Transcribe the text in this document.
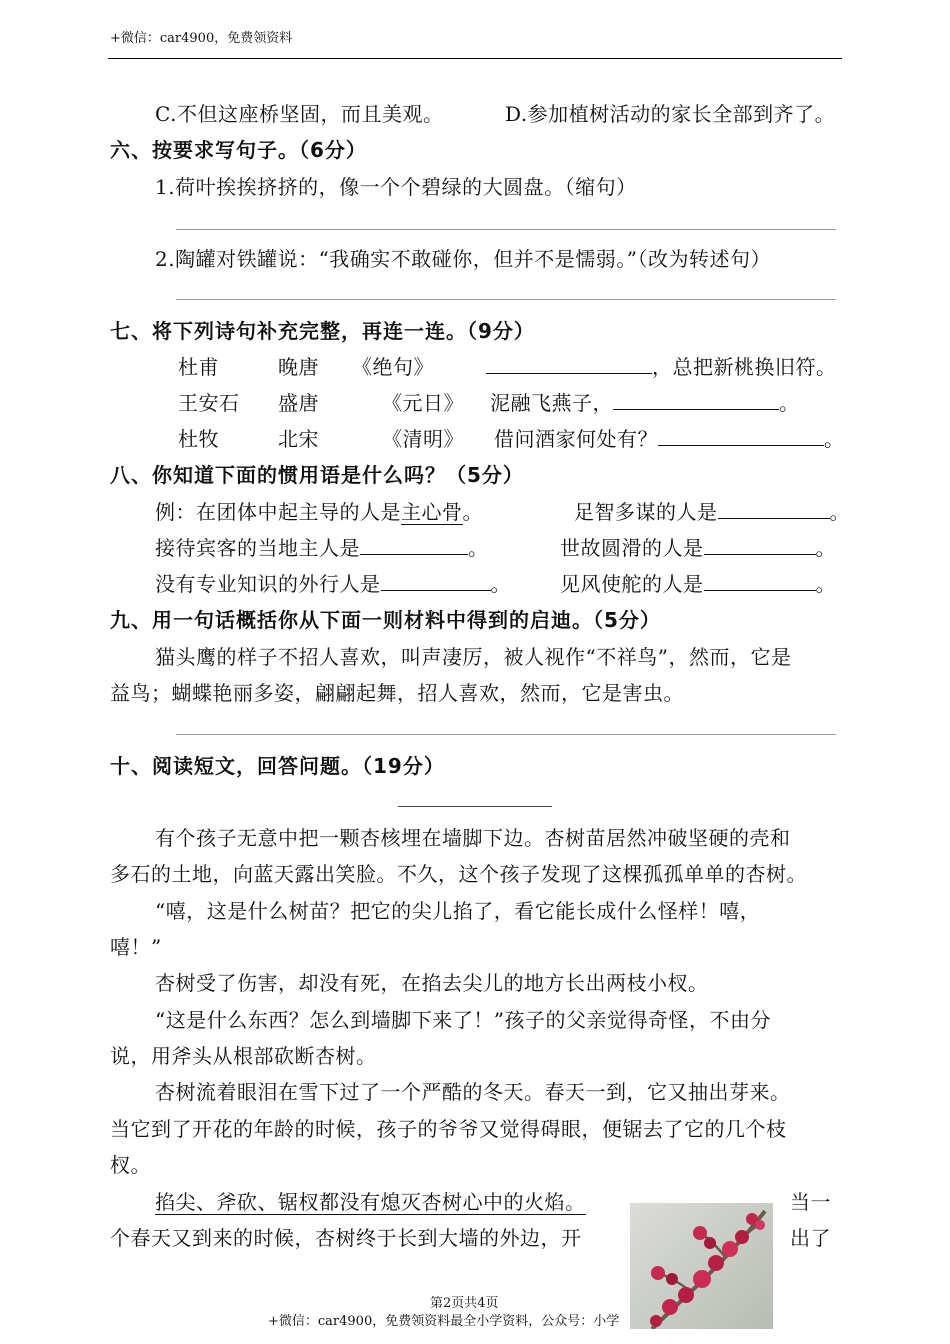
+微信：car4900，免费领资料
C.不但这座桥坚固，而且美观。	D.参加植树活动的家长全部到齐了。
六、按要求写句子。（6分）
1.荷叶挨挨挤挤的，像一个个碧绿的大圆盘。（缩句）
2.陶罐对铁罐说：“我确实不敢碰你，但并不是懦弱。”（改为转述句）
七、将下列诗句补充完整，再连一连。（9分）
杜甫	晚唐 《绝句》	，总把新桃换旧符。
王安石 盛唐	《元日》 泥融飞燕子，	。
杜牧	北宋	《清明》 借问酒家何处有？	。
八、你知道下面的惯用语是什么吗？（5分）
例：在团体中起主导的人是主心骨。	足智多谋的人是	。
接待宾客的当地主人是	。	世故圆滑的人是	。
没有专业知识的外行人是	。 见风使舵的人是	。
九、用一句话概括你从下面一则材料中得到的启迪。（5分）
猫头鹰的样子不招人喜欢，叫声凄厉，被人视作“不祥鸟”，然而，它是
益鸟；蝴蝶艳丽多姿，翩翩起舞，招人喜欢，然而，它是害虫。
十、阅读短文，回答问题。（19分）
有个孩子无意中把一颗杏核埋在墙脚下边。杏树苗居然冲破坚硬的壳和
多石的土地，向蓝天露出笑脸。不久，这个孩子发现了这棵孤孤单单的杏树。
“嘻，这是什么树苗？把它的尖儿掐了，看它能长成什么怪样！嘻，
嘻！”
杏树受了伤害，却没有死，在掐去尖儿的地方长出两枝小杈。
“这是什么东西？怎么到墙脚下来了！”孩子的父亲觉得奇怪，不由分
说，用斧头从根部砍断杏树。
杏树流着眼泪在雪下过了一个严酷的冬天。春天一到，它又抽出芽来。
当它到了开花的年龄的时候，孩子的爷爷又觉得碍眼，便锯去了它的几个枝
杈。
掐尖、斧砍、锯杈都没有熄灭杏树心中的火焰。	当一
个春天又到来的时候，杏树终于长到大墙的外边，开	出了
第2页共4页
+微信：car4900，免费领资料最全小学资料，公众号：小学
